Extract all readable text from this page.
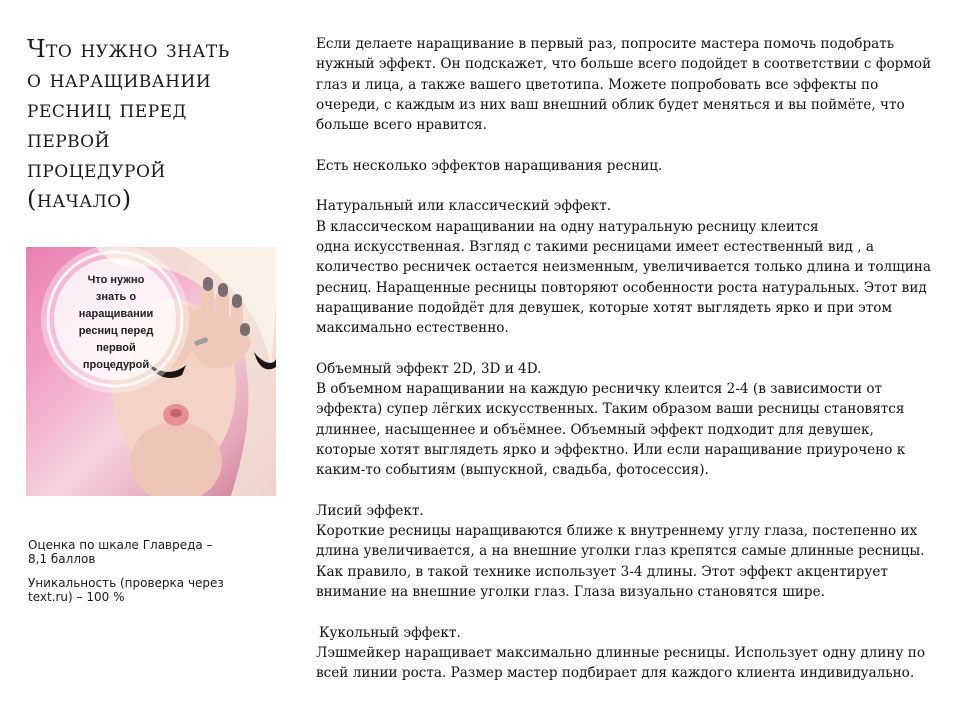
Что нужно знать
о наращивании
ресниц перед
первой
процедурой
(начало)
Что нужно
знать о
наращивании
ресниц перед
первой
процедурой

Оценка по шкале Главреда –
8,1 баллов

Уникальность (проверка через
text.ru) – 100 %

Если делаете наращивание в первый раз, попросите мастера помочь подобрать
нужный эффект. Он подскажет, что больше всего подойдет в соответствии с формой
глаз и лица, а также вашего цветотипа. Можете попробовать все эффекты по
очереди, с каждым из них ваш внешний облик будет меняться и вы поймёте, что
больше всего нравится.

Есть несколько эффектов наращивания ресниц.

Натуральный или классический эффект.
В классическом наращивании на одну натуральную ресницу клеится
одна искусственная. Взгляд с такими ресницами имеет естественный вид , а
количество ресничек остается неизменным, увеличивается только длина и толщина
ресниц. Наращенные ресницы повторяют особенности роста натуральных. Этот вид
наращивание подойдёт для девушек, которые хотят выглядеть ярко и при этом
максимально естественно.

Объемный эффект 2D, 3D и 4D.
В объемном наращивании на каждую ресничку клеится 2-4 (в зависимости от
эффекта) супер лёгких искусственных. Таким образом ваши ресницы становятся
длиннее, насыщеннее и объёмнее. Объемный эффект подходит для девушек,
которые хотят выглядеть ярко и эффектно. Или если наращивание приурочено к
каким-то событиям (выпускной, свадьба, фотосессия).

Лисий эффект.
Короткие ресницы наращиваются ближе к внутреннему углу глаза, постепенно их
длина увеличивается, а на внешние уголки глаз крепятся самые длинные ресницы.
Как правило, в такой технике использует 3-4 длины. Этот эффект акцентирует
внимание на внешние уголки глаз. Глаза визуально становятся шире.

Кукольный эффект.
Лэшмейкер наращивает максимально длинные ресницы. Использует одну длину по
всей линии роста. Размер мастер подбирает для каждого клиента индивидуально.
